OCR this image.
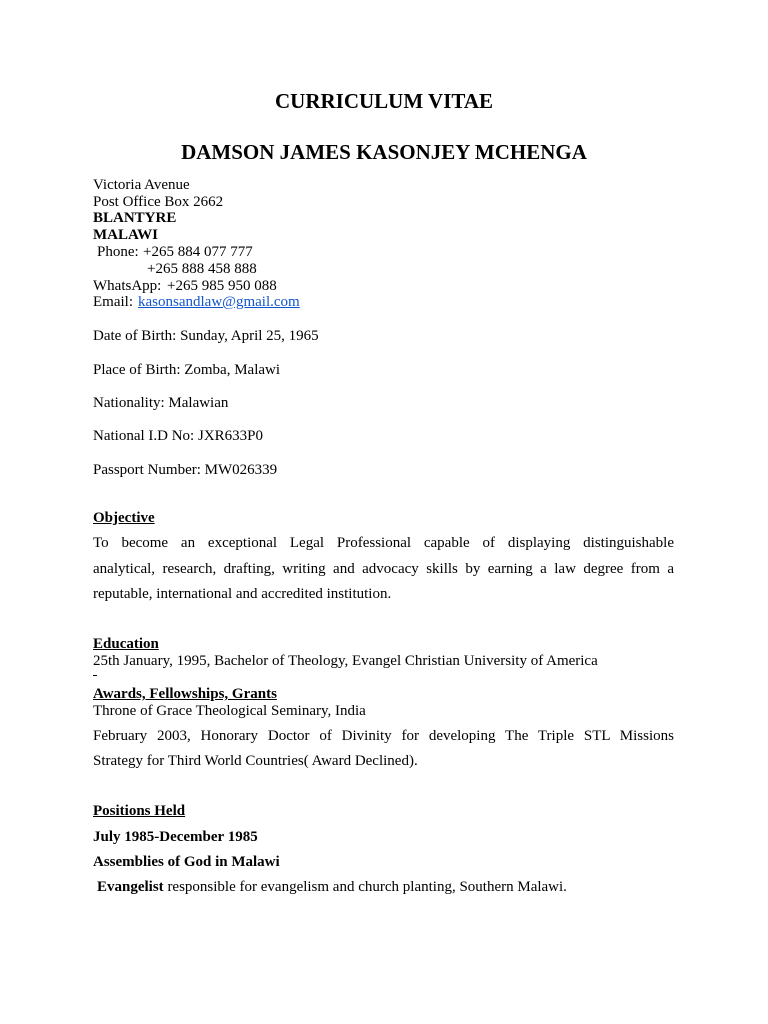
CURRICULUM VITAE
DAMSON JAMES KASONJEY MCHENGA
Victoria Avenue
Post Office Box 2662
BLANTYRE
MALAWI
Phone: +265 884 077 777
+265 888 458 888
WhatsApp: +265 985 950 088
Email: kasonsandlaw@gmail.com
Date of Birth: Sunday, April 25, 1965
Place of Birth: Zomba, Malawi
Nationality: Malawian
National I.D No: JXR633P0
Passport Number: MW026339
Objective
To become an exceptional Legal Professional capable of displaying distinguishable
analytical, research, drafting, writing and advocacy skills by earning a law degree from a
reputable, international and accredited institution.
Education
25th January, 1995, Bachelor of Theology, Evangel Christian University of America
Awards, Fellowships, Grants
Throne of Grace Theological Seminary, India
February 2003, Honorary Doctor of Divinity for developing The Triple STL Missions
Strategy for Third World Countries( Award Declined).
Positions Held
July 1985-December 1985
Assemblies of God in Malawi
Evangelist responsible for evangelism and church planting, Southern Malawi.
